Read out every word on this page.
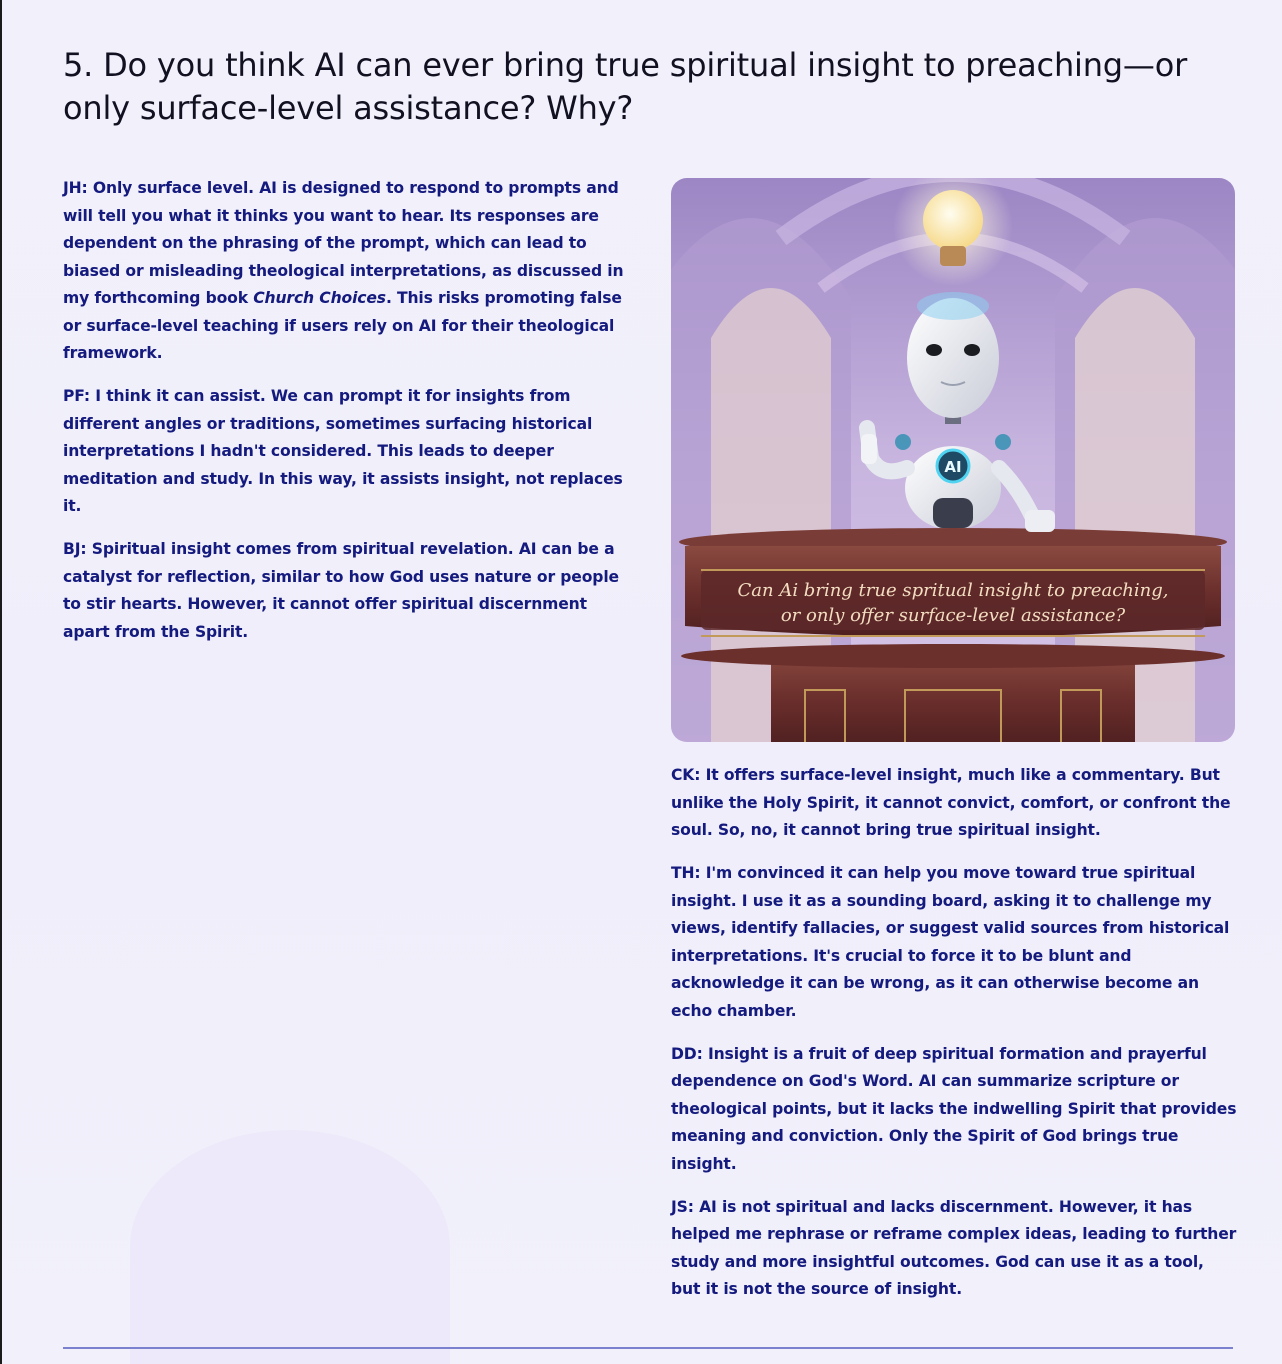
5. Do you think AI can ever bring true spiritual insight to preaching—or only surface-level assistance? Why?

JH: Only surface level. AI is designed to respond to prompts and will tell you what it thinks you want to hear. Its responses are dependent on the phrasing of the prompt, which can lead to biased or misleading theological interpretations, as discussed in my forthcoming book Church Choices. This risks promoting false or surface-level teaching if users rely on AI for their theological framework.

PF: I think it can assist. We can prompt it for insights from different angles or traditions, sometimes surfacing historical interpretations I hadn't considered. This leads to deeper meditation and study. In this way, it assists insight, not replaces it.

BJ: Spiritual insight comes from spiritual revelation. AI can be a catalyst for reflection, similar to how God uses nature or people to stir hearts. However, it cannot offer spiritual discernment apart from the Spirit.

AI
Can Ai bring true spritual insight to preaching,
or only offer surface-level assistance?

CK: It offers surface-level insight, much like a commentary. But unlike the Holy Spirit, it cannot convict, comfort, or confront the soul. So, no, it cannot bring true spiritual insight.

TH: I'm convinced it can help you move toward true spiritual insight. I use it as a sounding board, asking it to challenge my views, identify fallacies, or suggest valid sources from historical interpretations. It's crucial to force it to be blunt and acknowledge it can be wrong, as it can otherwise become an echo chamber.

DD: Insight is a fruit of deep spiritual formation and prayerful dependence on God's Word. AI can summarize scripture or theological points, but it lacks the indwelling Spirit that provides meaning and conviction. Only the Spirit of God brings true insight.

JS: AI is not spiritual and lacks discernment. However, it has helped me rephrase or reframe complex ideas, leading to further study and more insightful outcomes. God can use it as a tool, but it is not the source of insight.
